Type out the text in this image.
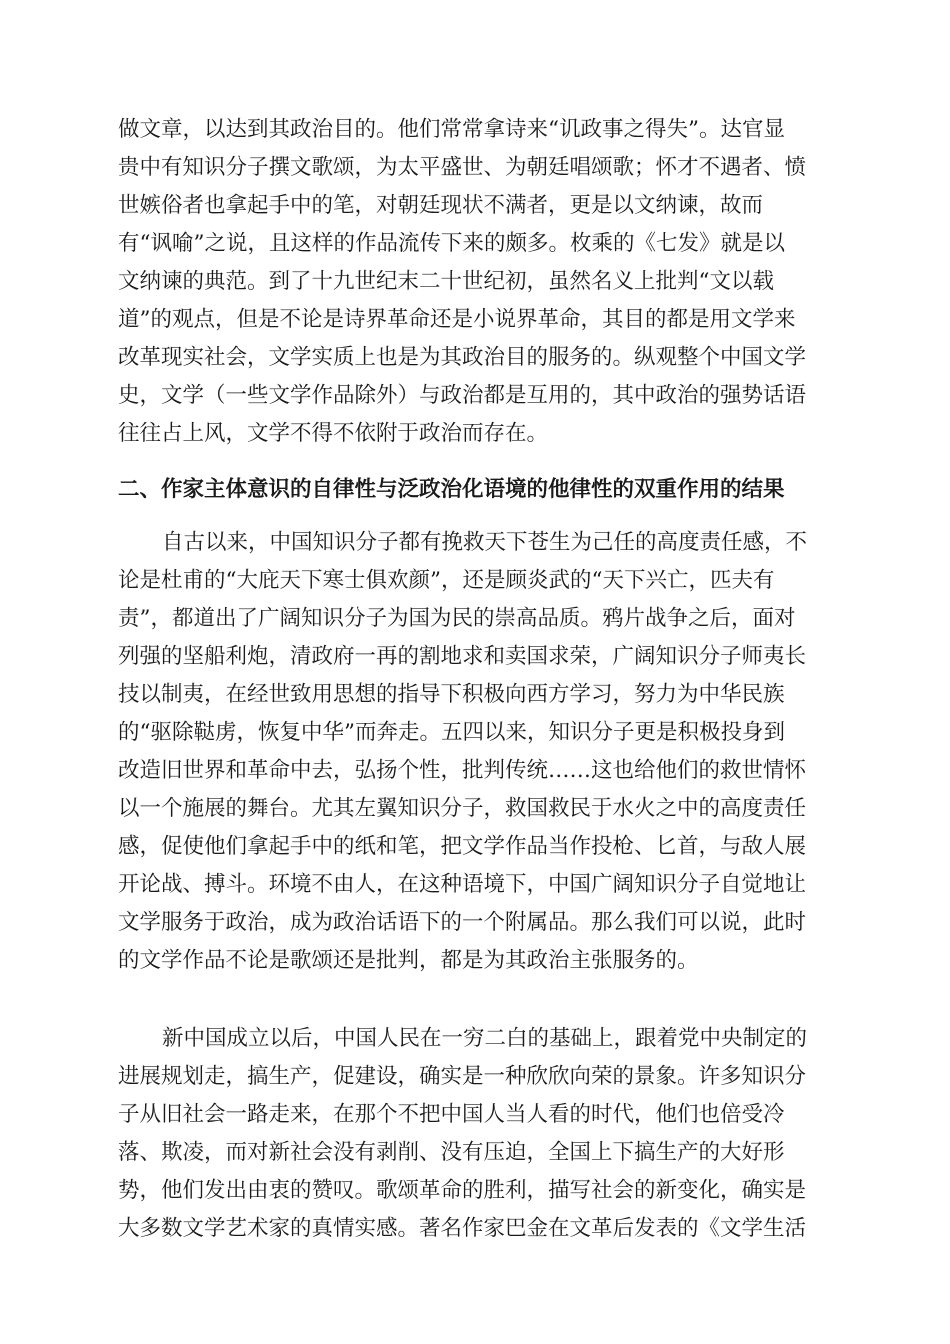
做文章，以达到其政治目的。他们常常拿诗来“讥政事之得失”。达官显
贵中有知识分子撰文歌颂，为太平盛世、为朝廷唱颂歌；怀才不遇者、愤
世嫉俗者也拿起手中的笔，对朝廷现状不满者，更是以文纳谏，故而
有“讽喻”之说，且这样的作品流传下来的颇多。枚乘的《七发》就是以
文纳谏的典范。到了十九世纪末二十世纪初，虽然名义上批判“文以载
道”的观点，但是不论是诗界革命还是小说界革命，其目的都是用文学来
改革现实社会，文学实质上也是为其政治目的服务的。纵观整个中国文学
史，文学（一些文学作品除外）与政治都是互用的，其中政治的强势话语
往往占上风，文学不得不依附于政治而存在。
二、作家主体意识的自律性与泛政治化语境的他律性的双重作用的结果
自古以来，中国知识分子都有挽救天下苍生为己任的高度责任感，不
论是杜甫的“大庇天下寒士俱欢颜”，还是顾炎武的“天下兴亡，匹夫有
责”，都道出了广阔知识分子为国为民的崇高品质。鸦片战争之后，面对
列强的坚船利炮，清政府一再的割地求和卖国求荣，广阔知识分子师夷长
技以制夷，在经世致用思想的指导下积极向西方学习，努力为中华民族
的“驱除鞑虏，恢复中华”而奔走。五四以来，知识分子更是积极投身到
改造旧世界和革命中去，弘扬个性，批判传统……这也给他们的救世情怀
以一个施展的舞台。尤其左翼知识分子，救国救民于水火之中的高度责任
感，促使他们拿起手中的纸和笔，把文学作品当作投枪、匕首，与敌人展
开论战、搏斗。环境不由人，在这种语境下，中国广阔知识分子自觉地让
文学服务于政治，成为政治话语下的一个附属品。那么我们可以说，此时
的文学作品不论是歌颂还是批判，都是为其政治主张服务的。
新中国成立以后，中国人民在一穷二白的基础上，跟着党中央制定的
进展规划走，搞生产，促建设，确实是一种欣欣向荣的景象。许多知识分
子从旧社会一路走来，在那个不把中国人当人看的时代，他们也倍受冷
落、欺凌，而对新社会没有剥削、没有压迫，全国上下搞生产的大好形
势，他们发出由衷的赞叹。歌颂革命的胜利，描写社会的新变化，确实是
大多数文学艺术家的真情实感。著名作家巴金在文革后发表的《文学生活
